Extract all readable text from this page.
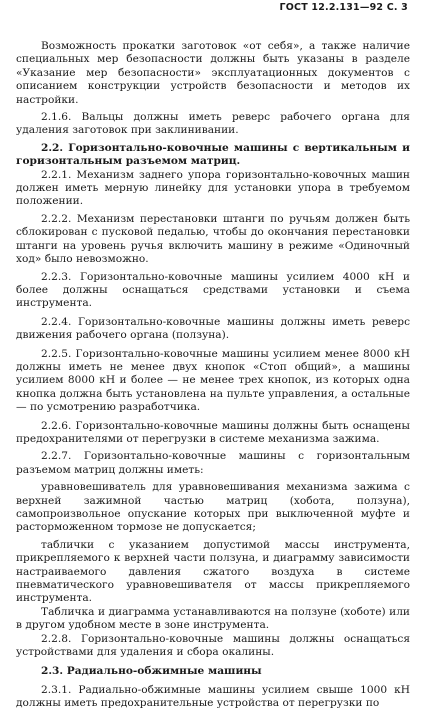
ГОСТ 12.2.131—92 С. 3

Возможность прокатки заготовок «от себя», а также наличие специальных мер безопасности должны быть указаны в разделе «Указание мер безопасности» эксплуатационных документов с описанием конструкции устройств безопасности и методов их настройки.

2.1.6. Вальцы должны иметь реверс рабочего органа для удаления заготовок при заклинивании.

2.2. Горизонтально-ковочные машины с вертикальным и горизонтальным разъемом матриц.

2.2.1. Механизм заднего упора горизонтально-ковочных машин должен иметь мерную линейку для установки упора в требуемом положении.

2.2.2. Механизм перестановки штанги по ручьям должен быть сблокирован с пусковой педалью, чтобы до окончания перестановки штанги на уровень ручья включить машину в режиме «Одиночный ход» было невозможно.

2.2.3. Горизонтально-ковочные машины усилием 4000 кН и более должны оснащаться средствами установки и съема инструмента.

2.2.4. Горизонтально-ковочные машины должны иметь реверс движения рабочего органа (ползуна).

2.2.5. Горизонтально-ковочные машины усилием менее 8000 кН должны иметь не менее двух кнопок «Стоп общий», а машины усилием 8000 кН и более — не менее трех кнопок, из которых одна кнопка должна быть установлена на пульте управления, а остальные — по усмотрению разработчика.

2.2.6. Горизонтально-ковочные машины должны быть оснащены предохранителями от перегрузки в системе механизма зажима.

2.2.7. Горизонтально-ковочные машины с горизонтальным разъемом матриц должны иметь:

уравновешиватель для уравновешивания механизма зажима с верхней зажимной частью матриц (хобота, ползуна), самопроизвольное опускание которых при выключенной муфте и расторможенном тормозе не допускается;

таблички с указанием допустимой массы инструмента, прикрепляемого к верхней части ползуна, и диаграмму зависимости настраиваемого давления сжатого воздуха в системе пневматического уравновешивателя от массы прикрепляемого инструмента.

Табличка и диаграмма устанавливаются на ползуне (хоботе) или в другом удобном месте в зоне инструмента.

2.2.8. Горизонтально-ковочные машины должны оснащаться устройствами для удаления и сбора окалины.

2.3. Радиально-обжимные машины

2.3.1. Радиально-обжимные машины усилием свыше 1000 кН должны иметь предохранительные устройства от перегрузки по
